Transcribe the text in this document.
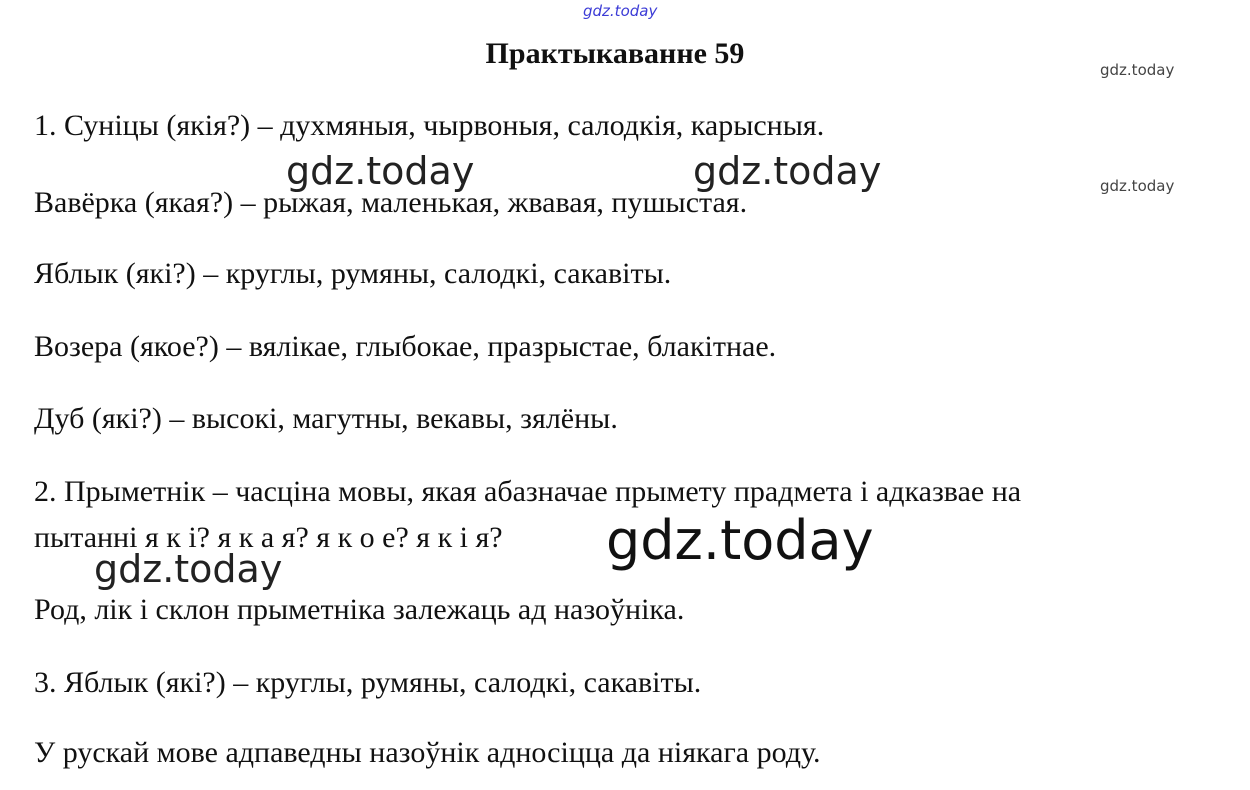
gdz.today
Практыкаванне 59	gdz.today
gdz.today
1. Суніцы (якія?) – духмяныя, чырвоныя, салодкія, карысныя.
gdz.today	gdz.today
Вавёрка (якая?) – рыжая, маленькая, жвавая, пушыстая.
Яблык (які?) – круглы, румяны, салодкі, сакавіты.
Возера (якое?) – вялікае, глыбокае, празрыстае, блакітнае.
Дуб (які?) – высокі, магутны, векавы, зялёны.
2. Прыметнік – часціна мовы, якая абазначае прымету прадмета і адказвае на
пытанні я к і? я к а я? я к о е? я к і я? gdz.today
gdz.today
Род, лік і склон прыметніка залежаць ад назоўніка.
3. Яблык (які?) – круглы, румяны, салодкі, сакавіты.
У рускай мове адпаведны назоўнік адносіцца да ніякага роду.
